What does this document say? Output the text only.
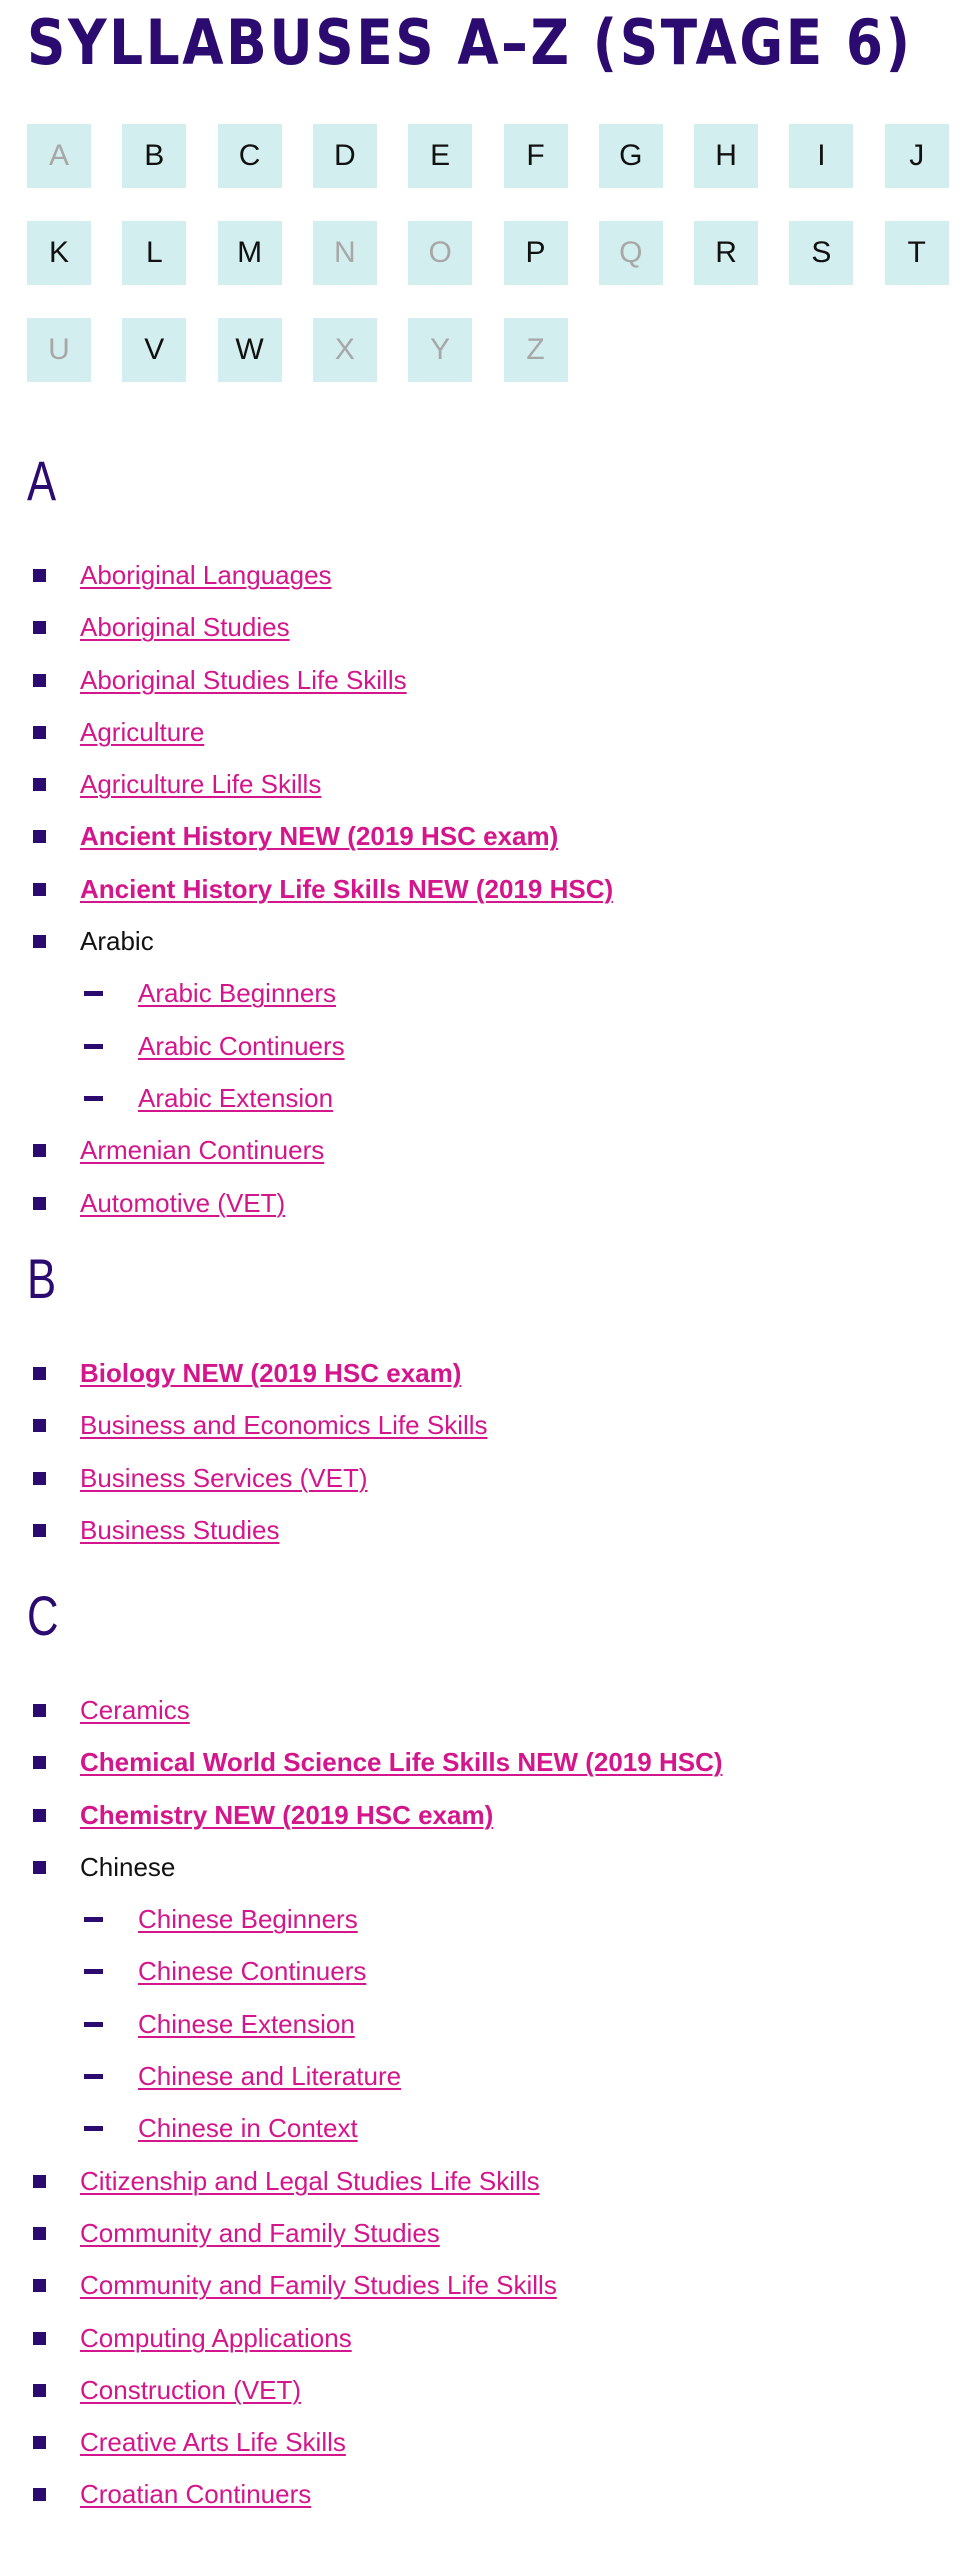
SYLLABUSES A–Z (STAGE 6)
A	B	C	D	E	F	G	H	I	J
K	L	M	N	O	P	Q	R	S	T
U	V	W	X	Y	Z
A
Aboriginal Languages
Aboriginal Studies
Aboriginal Studies Life Skills
Agriculture
Agriculture Life Skills
Ancient History NEW (2019 HSC exam)
Ancient History Life Skills NEW (2019 HSC)
Arabic
Arabic Beginners
Arabic Continuers
Arabic Extension
Armenian Continuers
Automotive (VET)
B
Biology NEW (2019 HSC exam)
Business and Economics Life Skills
Business Services (VET)
Business Studies
C
Ceramics
Chemical World Science Life Skills NEW (2019 HSC)
Chemistry NEW (2019 HSC exam)
Chinese
Chinese Beginners
Chinese Continuers
Chinese Extension
Chinese and Literature
Chinese in Context
Citizenship and Legal Studies Life Skills
Community and Family Studies
Community and Family Studies Life Skills
Computing Applications
Construction (VET)
Creative Arts Life Skills
Croatian Continuers
